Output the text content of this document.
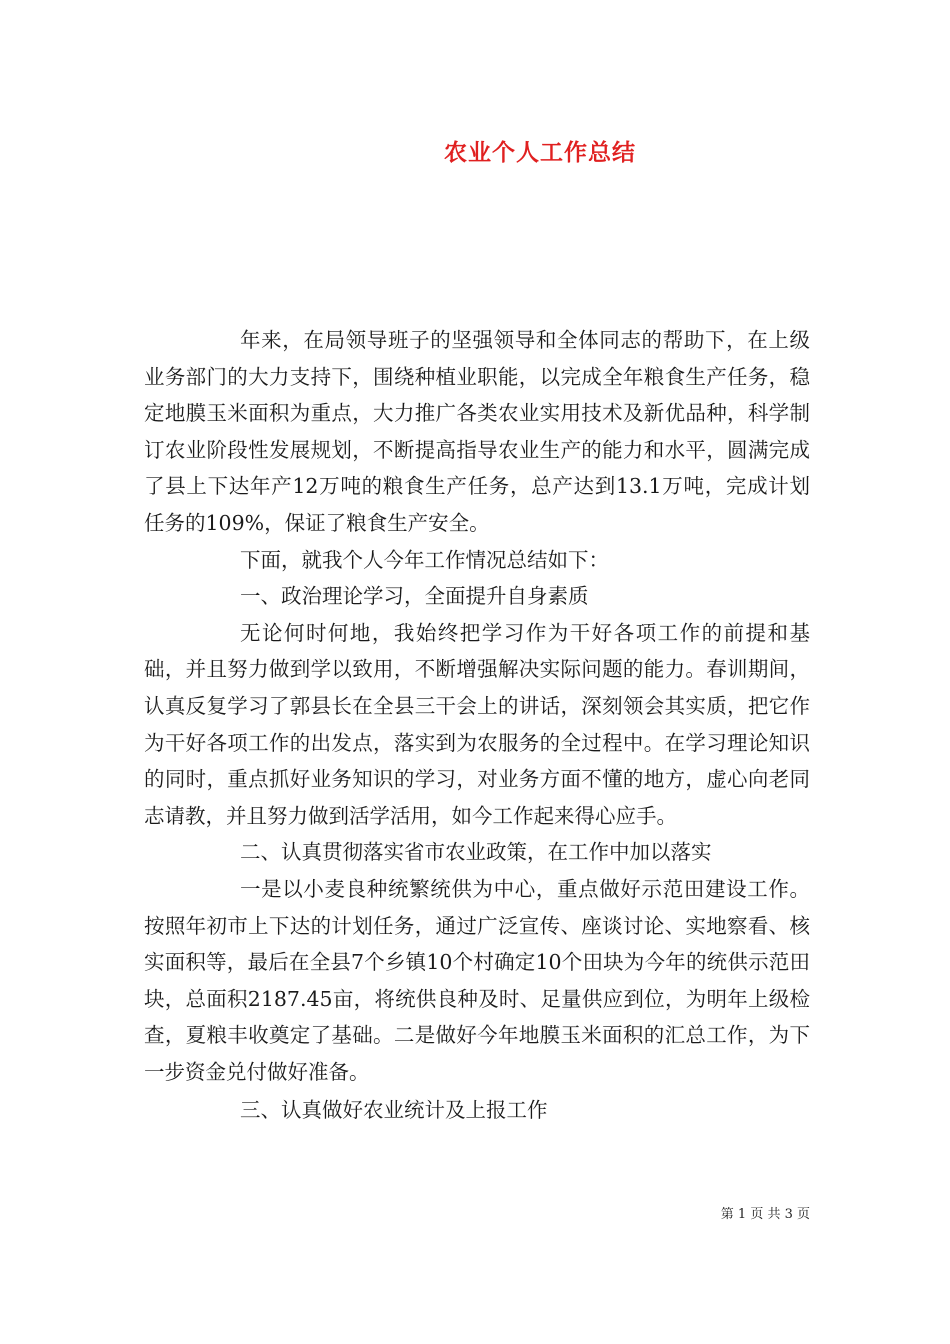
农业个人工作总结

年来，在局领导班子的坚强领导和全体同志的帮助下，在上级业务部门的大力支持下，围绕种植业职能，以完成全年粮食生产任务，稳定地膜玉米面积为重点，大力推广各类农业实用技术及新优品种，科学制订农业阶段性发展规划，不断提高指导农业生产的能力和水平，圆满完成了县上下达年产12万吨的粮食生产任务，总产达到13.1万吨，完成计划任务的109%，保证了粮食生产安全。

下面，就我个人今年工作情况总结如下：

一、政治理论学习，全面提升自身素质

无论何时何地，我始终把学习作为干好各项工作的前提和基础，并且努力做到学以致用，不断增强解决实际问题的能力。春训期间，认真反复学习了郭县长在全县三干会上的讲话，深刻领会其实质，把它作为干好各项工作的出发点，落实到为农服务的全过程中。在学习理论知识的同时，重点抓好业务知识的学习，对业务方面不懂的地方，虚心向老同志请教，并且努力做到活学活用，如今工作起来得心应手。

二、认真贯彻落实省市农业政策，在工作中加以落实

一是以小麦良种统繁统供为中心，重点做好示范田建设工作。按照年初市上下达的计划任务，通过广泛宣传、座谈讨论、实地察看、核实面积等，最后在全县7个乡镇10个村确定10个田块为今年的统供示范田块，总面积2187.45亩，将统供良种及时、足量供应到位，为明年上级检查，夏粮丰收奠定了基础。二是做好今年地膜玉米面积的汇总工作，为下一步资金兑付做好准备。

三、认真做好农业统计及上报工作

第 1 页 共 3 页
